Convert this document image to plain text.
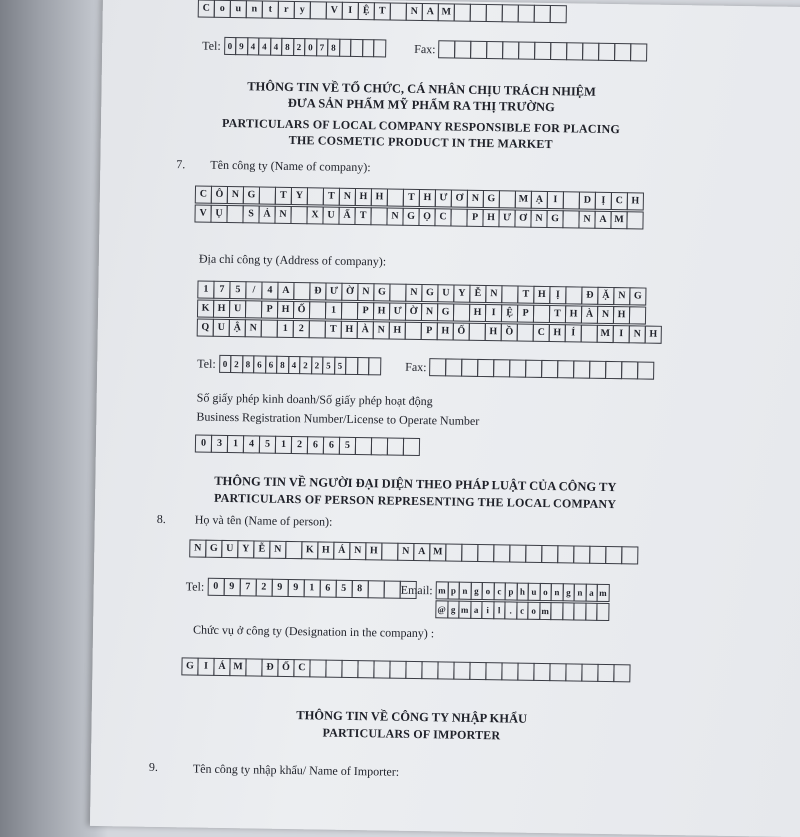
C o	u	n	t	r	y	V	I	Ệ T	N A M
Tel: 0 9 4 4 4 8 2 0 7 8	Fax:
THÔNG TIN VỀ TỔ CHỨC, CÁ NHÂN CHỊU TRÁCH NHIỆM
ĐƯA SẢN PHẨM MỸ PHẨM RA THỊ TRƯỜNG
PARTICULARS OF LOCAL COMPANY RESPONSIBLE FOR PLACING
THE COSMETIC PRODUCT IN THE MARKET
7. Tên công ty (Name of company):
C Ô N G	T Y	T N H H	T H Ư Ơ N G	M Ạ	I	D	Ị	C H
V Ụ	S Ả N	X U Ấ T	N G Ọ C	P H Ư Ơ N G	N A M
Địa chỉ công ty (Address of company):
1	7	5	/	4 A	Đ Ư Ờ N G	N G U Y Ễ N	T H Ị	Đ Ặ N G
K H U	P H Ố	1	P H Ư Ờ N G	H I	Ệ P	T H À N H
Q U Ậ N	1	2	T H À N H	P H Ố	H Ồ	C H Í	M I	N H
Tel: 0 2 8 6 6 8 4 2 2 5 5	Fax:
Số giấy phép kinh doanh/Số giấy phép hoạt động
Business Registration Number/License to Operate Number
0	3	1	4	5	1	2	6	6	5
THÔNG TIN VỀ NGƯỜI ĐẠI DIỆN THEO PHÁP LUẬT CỦA CÔNG TY
PARTICULARS OF PERSON REPRESENTING THE LOCAL COMPANY
8. Họ và tên (Name of person):
N G U Y Ễ N	K H Á N H	N A M
Tel: 0	9	7	2	9	9	1	6	5	8	Email: m p n g o c p h u o n g n a m
@ g m a i l . c o m
Chức vụ ở công ty (Designation in the company) :
G I	Á M	Đ Ố C
THÔNG TIN VỀ CÔNG TY NHẬP KHẨU
PARTICULARS OF IMPORTER
9.	Tên công ty nhập khẩu/ Name of Importer:
